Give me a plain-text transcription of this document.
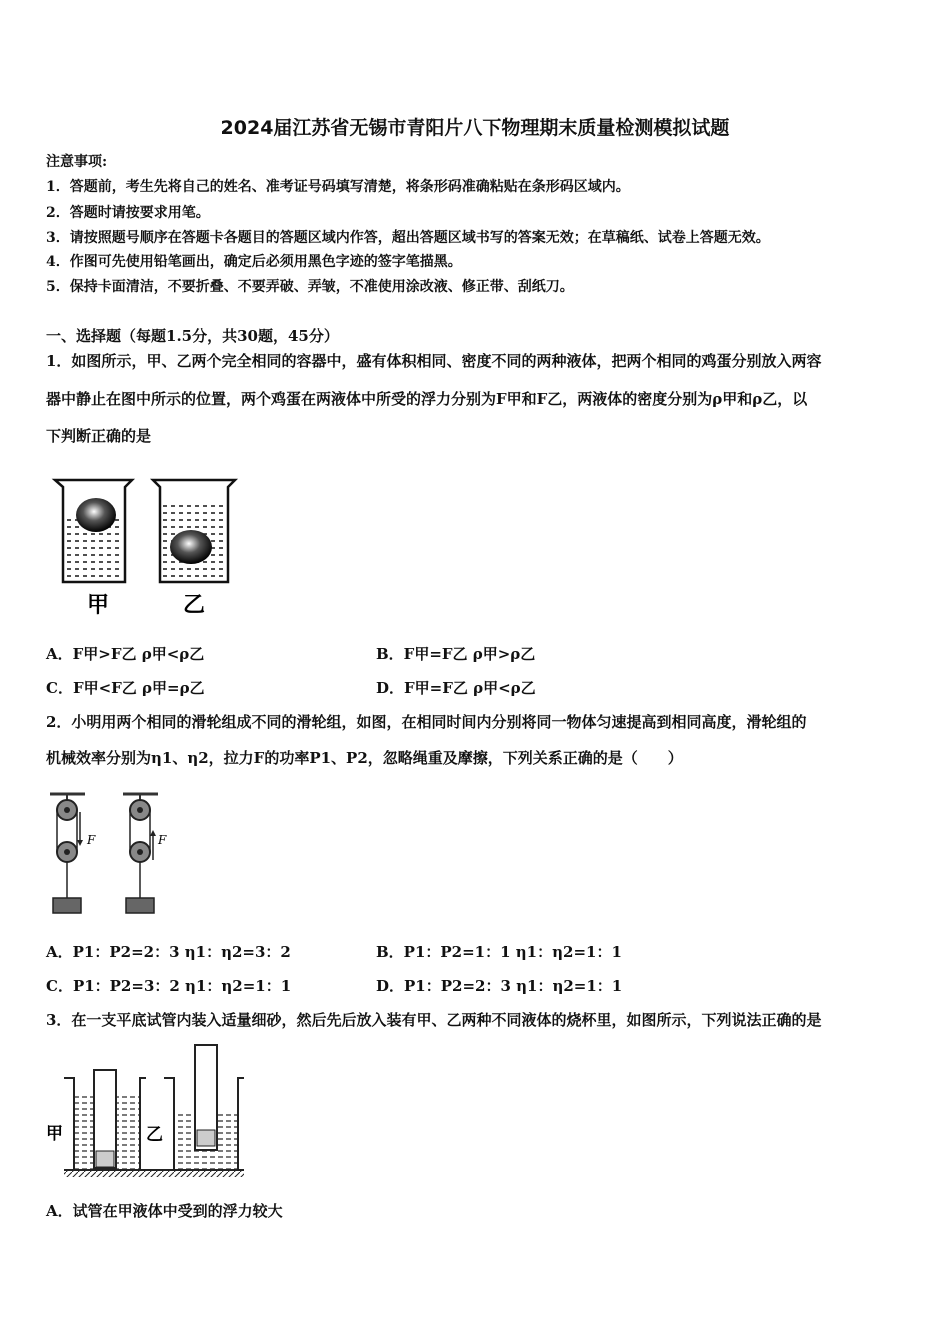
2024届江苏省无锡市青阳片八下物理期末质量检测模拟试题
注意事项:
1．答题前，考生先将自己的姓名、准考证号码填写清楚，将条形码准确粘贴在条形码区域内。
2．答题时请按要求用笔。
3．请按照题号顺序在答题卡各题目的答题区域内作答，超出答题区域书写的答案无效；在草稿纸、试卷上答题无效。
4．作图可先使用铅笔画出，确定后必须用黑色字迹的签字笔描黑。
5．保持卡面清洁，不要折叠、不要弄破、弄皱，不准使用涂改液、修正带、刮纸刀。
一、选择题（每题1.5分，共30题，45分）
1．如图所示，甲、乙两个完全相同的容器中，盛有体积相同、密度不同的两种液体，把两个相同的鸡蛋分别放入两容
器中静止在图中所示的位置，两个鸡蛋在两液体中所受的浮力分别为F甲和F乙，两液体的密度分别为ρ甲和ρ乙，以
下判断正确的是
甲	乙
A．F甲>F乙 ρ甲<ρ乙	B．F甲=F乙 ρ甲>ρ乙
C．F甲<F乙 ρ甲=ρ乙	D．F甲=F乙 ρ甲<ρ乙
2．小明用两个相同的滑轮组成不同的滑轮组，如图，在相同时间内分别将同一物体匀速提高到相同高度，滑轮组的
机械效率分别为η1、η2，拉力F的功率P1、P2，忽略绳重及摩擦，下列关系正确的是（　　）
F	F
A．P1：P2=2：3 η1：η2=3：2	B．P1：P2=1：1 η1：η2=1：1
C．P1：P2=3：2 η1：η2=1：1	D．P1：P2=2：3 η1：η2=1：1
3．在一支平底试管内装入适量细砂，然后先后放入装有甲、乙两种不同液体的烧杯里，如图所示，下列说法正确的是
甲	乙
A．试管在甲液体中受到的浮力较大
